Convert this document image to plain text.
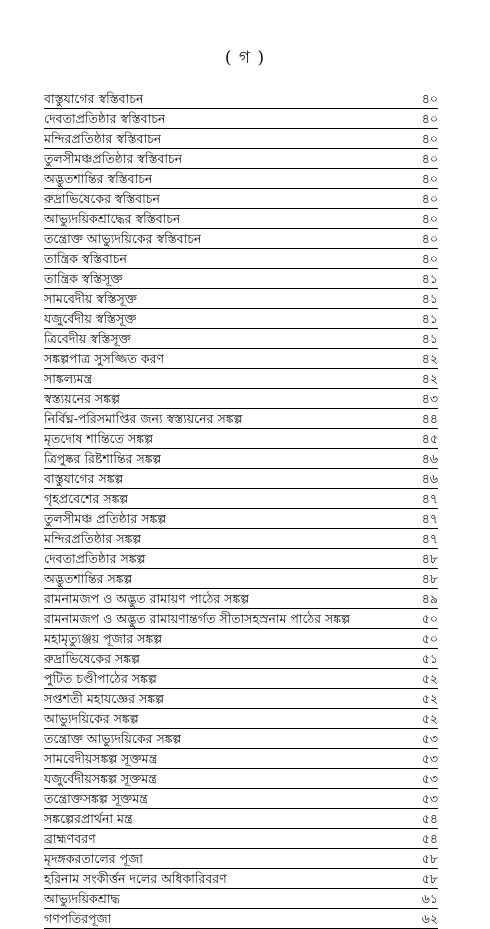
( গ )
বাস্তুযাগের স্বস্তিবাচন	৪০
দেবতাপ্রতিষ্ঠার স্বস্তিবাচন	৪০
মন্দিরপ্রতিষ্ঠার স্বস্তিবাচন	৪০
তুলসীমঞ্চপ্রতিষ্ঠার স্বস্তিবাচন	৪০
অদ্ভুতশান্তির স্বস্তিবাচন	৪০
রুদ্রাভিষেকের স্বস্তিবাচন	৪০
আভ্যুদয়িকশ্রাদ্ধের স্বস্তিবাচন	৪০
তন্ত্রোক্ত আভ্যুদয়িকের স্বস্তিবাচন	৪০
তান্ত্রিক স্বস্তিবাচন	৪০
তান্ত্রিক স্বস্তিসূক্ত	৪১
সামবেদীয় স্বস্তিসূক্ত	৪১
যজুর্বেদীয় স্বস্তিসূক্ত	৪১
ত্রিবেদীয় স্বস্তিসূক্ত	৪১
সঙ্কল্পপাত্র সুসজ্জিত করণ	৪২
সাঙ্কল্যমন্ত্র	৪২
স্বস্ত্যয়নের সঙ্কল্প	৪৩
নির্বিঘ্ন-পরিসমাপ্তির জন্য স্বস্ত্যয়নের সঙ্কল্প	৪৪
মৃতদোষ শান্তিতে সঙ্কল্প	৪৫
ত্রিপুষ্কর রিষ্টশান্তির সঙ্কল্প	৪৬
বাস্তুযাগের সঙ্কল্প	৪৬
গৃহপ্রবেশের সঙ্কল্প	৪৭
তুলসীমঞ্চ প্রতিষ্ঠার সঙ্কল্প	৪৭
মন্দিরপ্রতিষ্ঠার সঙ্কল্প	৪৭
দেবতাপ্রতিষ্ঠার সঙ্কল্প	৪৮
অদ্ভুতশান্তির সঙ্কল্প	৪৮
রামনামজপ ও অদ্ভুত রামায়ণ পাঠের সঙ্কল্প	৪৯
রামনামজপ ও অদ্ভুত রামায়ণান্তর্গত সীতাসহস্রনাম পাঠের সঙ্কল্প	৫০
মহামৃত্যুঞ্জয় পূজার সঙ্কল্প	৫০
রুদ্রাভিষেকের সঙ্কল্প	৫১
পুটিত চণ্ডীপাঠের সঙ্কল্প	৫২
সপ্তশতী মহাযজ্ঞের সঙ্কল্প	৫২
আভ্যুদয়িকের সঙ্কল্প	৫২
তন্ত্রোক্ত আভ্যুদয়িকের সঙ্কল্প	৫৩
সামবেদীয়সঙ্কল্প সূক্তমন্ত্র	৫৩
যজুর্বেদীয়সঙ্কল্প সূক্তমন্ত্র	৫৩
তন্ত্রোক্তসঙ্কল্প সূক্তমন্ত্র	৫৩
সঙ্কল্পেরপ্রার্থনা মন্ত্র	৫৪
ব্রাহ্মণবরণ	৫৪
মৃদঙ্গকরতালের পূজা	৫৮
হরিনাম সংকীর্ত্তন দলের অধিকারিবরণ	৫৮
আভ্যুদয়িকশ্রাদ্ধ	৬১
গণপতিরপূজা	৬২
